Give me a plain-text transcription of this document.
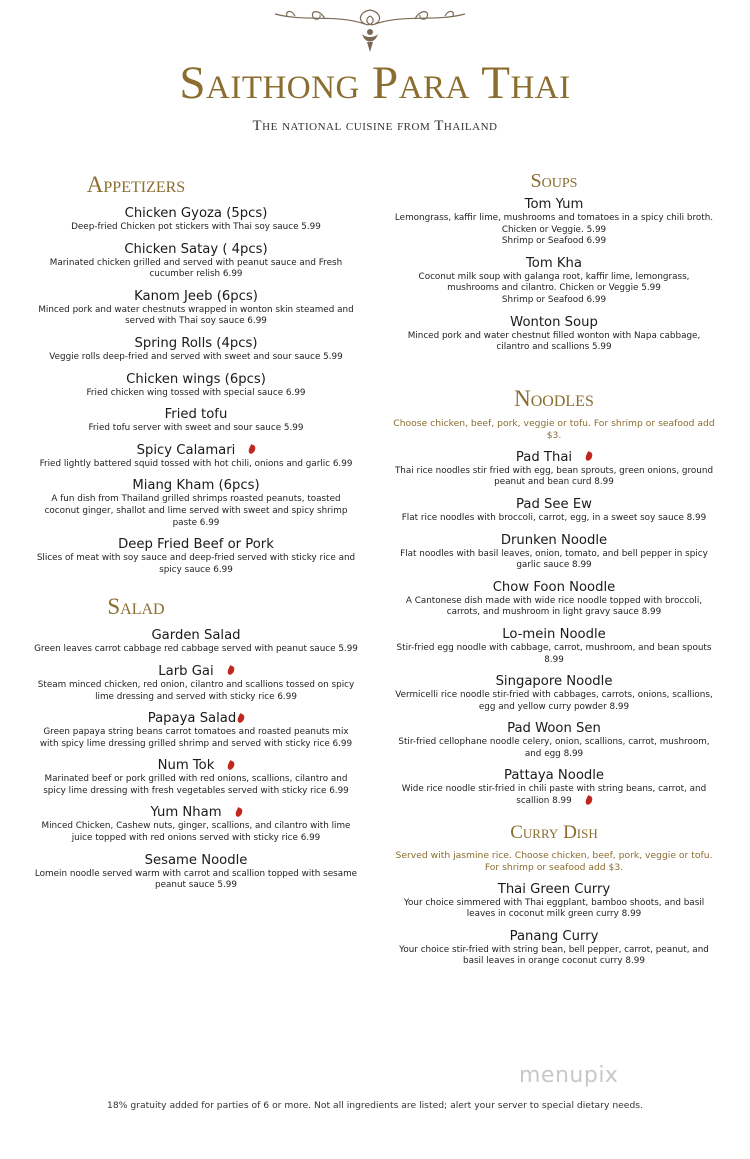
Saithong Para Thai
The national cuisine from Thailand
Appetizers
Chicken Gyoza (5pcs)
Deep-fried Chicken pot stickers with Thai soy sauce 5.99
Chicken Satay ( 4pcs)
Marinated chicken grilled and served with peanut sauce and Fresh cucumber relish 6.99
Kanom Jeeb (6pcs)
Minced pork and water chestnuts wrapped in wonton skin steamed and served with Thai soy sauce 6.99
Spring Rolls (4pcs)
Veggie rolls deep-fried and served with sweet and sour sauce 5.99
Chicken wings (6pcs)
Fried chicken wing tossed with special sauce 6.99
Fried tofu
Fried tofu server with sweet and sour sauce 5.99
Spicy Calamari
Fried lightly battered squid tossed with hot chili, onions and garlic 6.99
Miang Kham (6pcs)
A fun dish from Thailand grilled shrimps roasted peanuts, toasted coconut ginger, shallot and lime served with sweet and spicy shrimp paste 6.99
Deep Fried Beef or Pork
Slices of meat with soy sauce and deep-fried served with sticky rice and spicy sauce 6.99
Salad
Garden Salad
Green leaves carrot cabbage red cabbage served with peanut sauce 5.99
Larb Gai
Steam minced chicken, red onion, cilantro and scallions tossed on spicy lime dressing and served with sticky rice 6.99
Papaya Salad
Green papaya string beans carrot tomatoes and roasted peanuts mix with spicy lime dressing grilled shrimp and served with sticky rice 6.99
Num Tok
Marinated beef or pork grilled with red onions, scallions, cilantro and spicy lime dressing with fresh vegetables served with sticky rice 6.99
Yum Nham
Minced Chicken, Cashew nuts, ginger, scallions, and cilantro with lime juice topped with red onions served with sticky rice 6.99
Sesame Noodle
Lomein noodle served warm with carrot and scallion topped with sesame peanut sauce 5.99
Soups
Tom Yum
Lemongrass, kaffir lime, mushrooms and tomatoes in a spicy chili broth.
Chicken or Veggie. 5.99
Shrimp or Seafood 6.99
Tom Kha
Coconut milk soup with galanga root, kaffir lime, lemongrass, mushrooms and cilantro. Chicken or Veggie 5.99
Shrimp or Seafood 6.99
Wonton Soup
Minced pork and water chestnut filled wonton with Napa cabbage, cilantro and scallions 5.99
Noodles
Choose chicken, beef, pork, veggie or tofu. For shrimp or seafood add $3.
Pad Thai
Thai rice noodles stir fried with egg, bean sprouts, green onions, ground peanut and bean curd 8.99
Pad See Ew
Flat rice noodles with broccoli, carrot, egg, in a sweet soy sauce 8.99
Drunken Noodle
Flat noodles with basil leaves, onion, tomato, and bell pepper in spicy garlic sauce 8.99
Chow Foon Noodle
A Cantonese dish made with wide rice noodle topped with broccoli, carrots, and mushroom in light gravy sauce 8.99
Lo-mein Noodle
Stir-fried egg noodle with cabbage, carrot, mushroom, and bean spouts 8.99
Singapore Noodle
Vermicelli rice noodle stir-fried with cabbages, carrots, onions, scallions, egg and yellow curry powder 8.99
Pad Woon Sen
Stir-fried cellophane noodle celery, onion, scallions, carrot, mushroom, and egg 8.99
Pattaya Noodle
Wide rice noodle stir-fried in chili paste with string beans, carrot, and scallion 8.99
Curry Dish
Served with jasmine rice. Choose chicken, beef, pork, veggie or tofu. For shrimp or seafood add $3.
Thai Green Curry
Your choice simmered with Thai eggplant, bamboo shoots, and basil leaves in coconut milk green curry 8.99
Panang Curry
Your choice stir-fried with string bean, bell pepper, carrot, peanut, and basil leaves in orange coconut curry 8.99
menupix
18% gratuity added for parties of 6 or more. Not all ingredients are listed; alert your server to special dietary needs.
